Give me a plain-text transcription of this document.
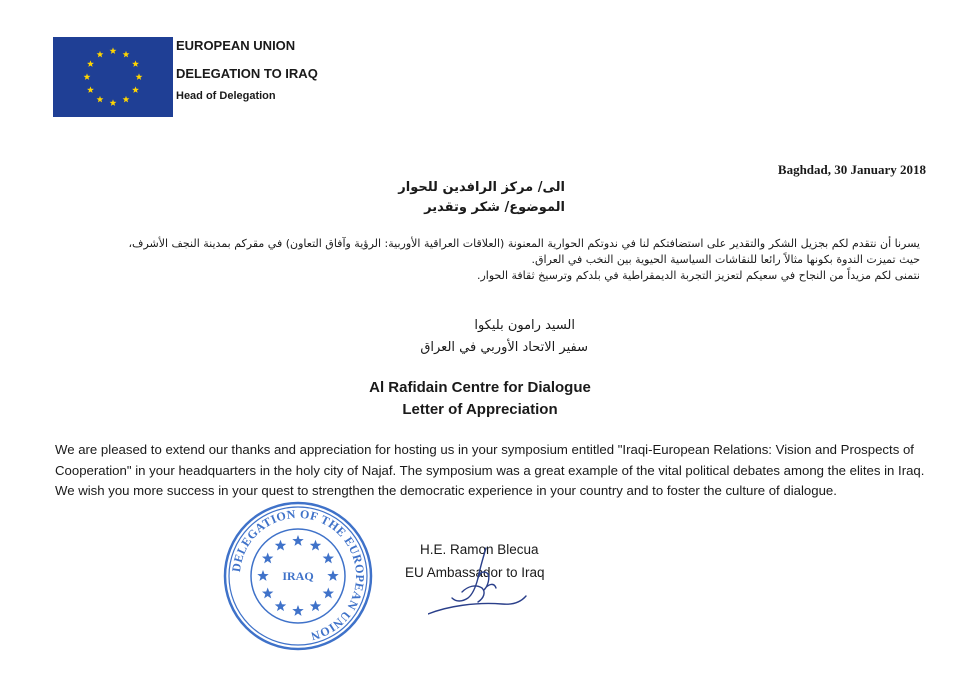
EUROPEAN UNION
DELEGATION TO IRAQ
Head of Delegation
Baghdad, 30 January 2018
الى/ مركز الرافدين للحوار
الموضوع/ شكر وتقدير

يسرنا أن نتقدم لكم بجزيل الشكر والتقدير على استضافتكم لنا في ندوتكم الحوارية المعنونة (العلاقات العراقية الأوربية: الرؤية وآفاق التعاون) في مقركم بمدينة النجف الأشرف،

حيث تميزت الندوة بكونها مثالاً رائعا للنقاشات السياسية الحيوية بين النخب في العراق.

نتمنى لكم مزيداً من النجاح في سعيكم لتعزيز التجربة الديمقراطية في بلدكم وترسيخ ثقافة الحوار.

السيد رامون بليكوا
سفير الاتحاد الأوربي في العراق
Al Rafidain Centre for Dialogue
Letter of Appreciation

We are pleased to extend our thanks and appreciation for hosting us in your symposium entitled "Iraqi-European Relations: Vision and Prospects of Cooperation" in your headquarters in the holy city of Najaf. The symposium was a great example of the vital political debates among the elites in Iraq.

We wish you more success in your quest to strengthen the democratic experience in your country and to foster the culture of dialogue.

DELEGATION OF THE EUROPEAN UNION
IRAQ
H.E. Ramon Blecua
EU Ambassador to Iraq
